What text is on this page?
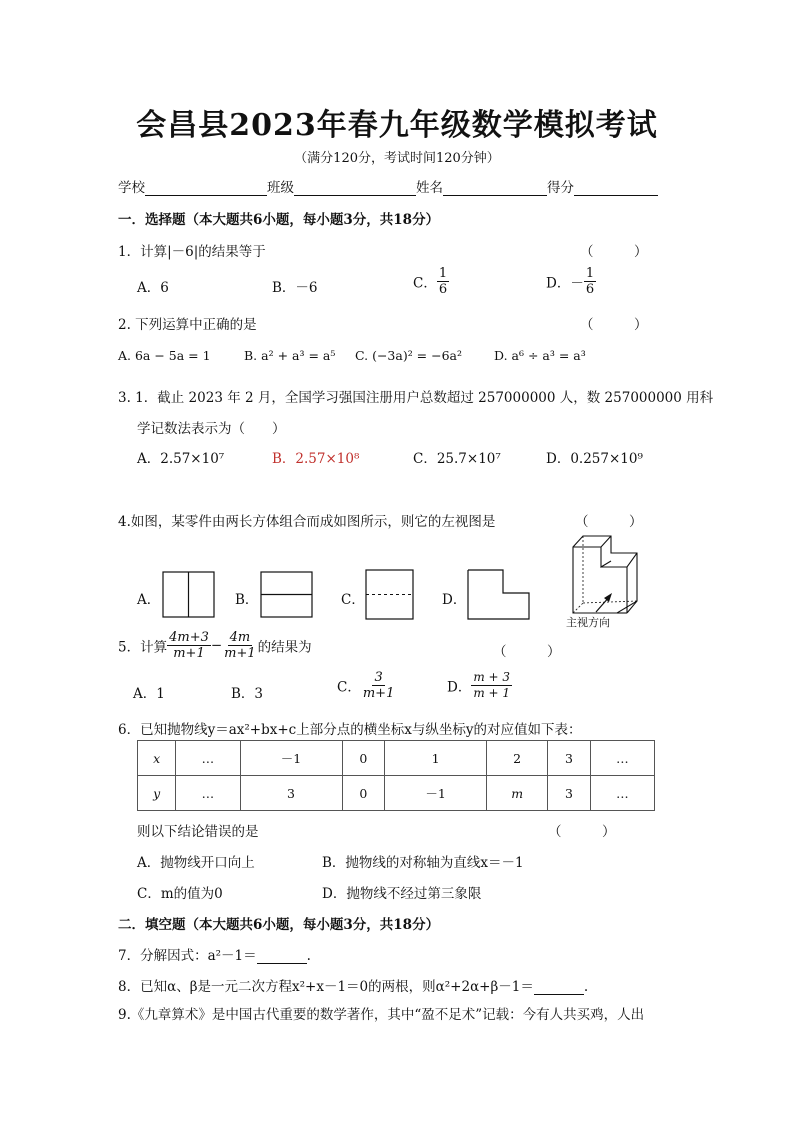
会昌县2023年春九年级数学模拟考试
（满分120分，考试时间120分钟）
学校	班级	姓名	得分
一．选择题（本大题共6小题，每小题3分，共18分）
1．计算|－6|的结果等于	（　　　）
A．6	B．－6	C． $\frac{1}{6}$	D．－ $\frac{1}{6}$
2. 下列运算中正确的是	（　　　）
A. 6a − 5a = 1	B. a² + a³ = a⁵ C. (−3a)² = −6a²	D. a⁶ ÷ a³ = a³
3. 1．截止 2023 年 2 月，全国学习强国注册用户总数超过 257000000 人，数 257000000 用科
学记数法表示为（　　）
A．2.57×10⁷	B．2.57×10⁸	C．25.7×10⁷	D．0.257×10⁹
4.如图，某零件由两长方体组合而成如图所示，则它的左视图是	（　　　）
A．	B．	C．	D．
主视方向
5．计算 $\frac{4m+3}{m+1} - \frac{4m}{m+1}$ 的结果为	（　　　）
A．1	B．3	C． $\frac{3}{m+1}$	D． $\frac{m + 3}{m + 1}$
6．已知抛物线y＝ax²+bx+c上部分点的横坐标x与纵坐标y的对应值如下表：
x	…	－1	0	1	2	3	…
y	…	3	0	－1	m	3	…
则以下结论错误的是	（　　　）
A．抛物线开口向上	B．抛物线的对称轴为直线x＝－1
C．m的值为0	D．抛物线不经过第三象限
二．填空题（本大题共6小题，每小题3分，共18分）
7．分解因式：a²－1＝	.
8．已知α、β是一元二次方程x²+x－1＝0的两根，则α²+2α+β－1＝	.
9.《九章算术》是中国古代重要的数学著作，其中“盈不足术”记载：今有人共买鸡，人出
